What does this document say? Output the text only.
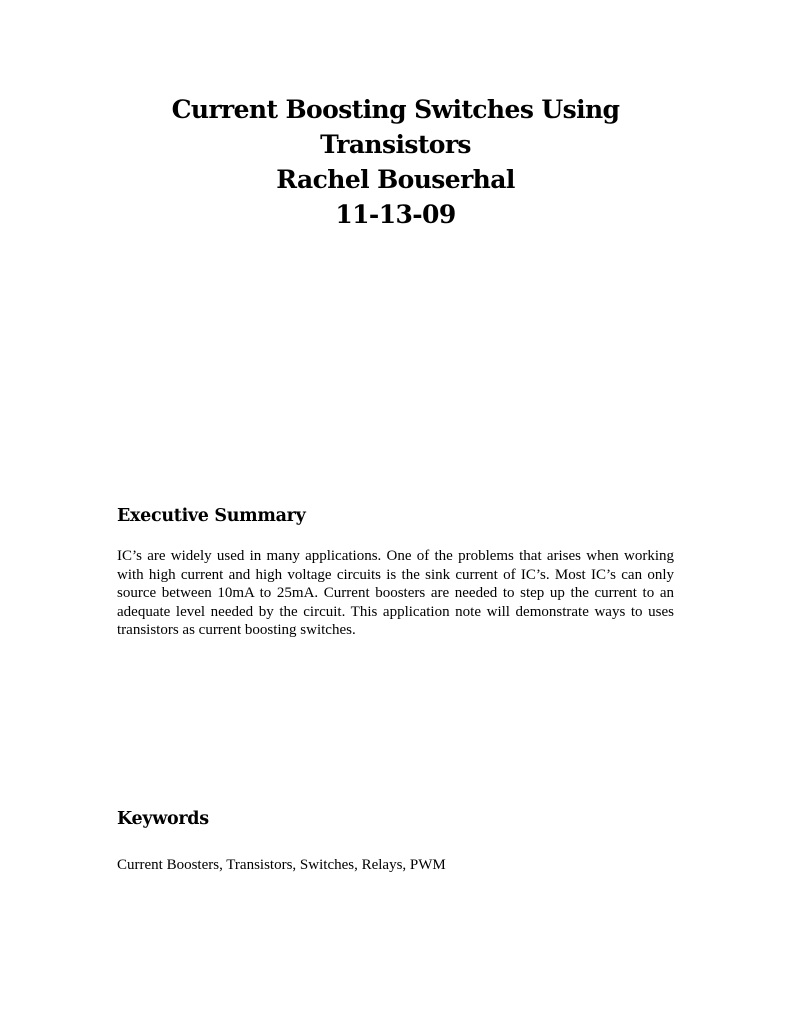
Current Boosting Switches Using

Transistors

Rachel Bouserhal

11-13-09

Executive Summary

IC’s are widely used in many applications. One of the problems that arises when working with high current and high voltage circuits is the sink current of IC’s. Most IC’s can only source between 10mA to 25mA. Current boosters are needed to step up the current to an adequate level needed by the circuit. This application note will demonstrate ways to uses transistors as current boosting switches.

Keywords

Current Boosters, Transistors, Switches, Relays, PWM
